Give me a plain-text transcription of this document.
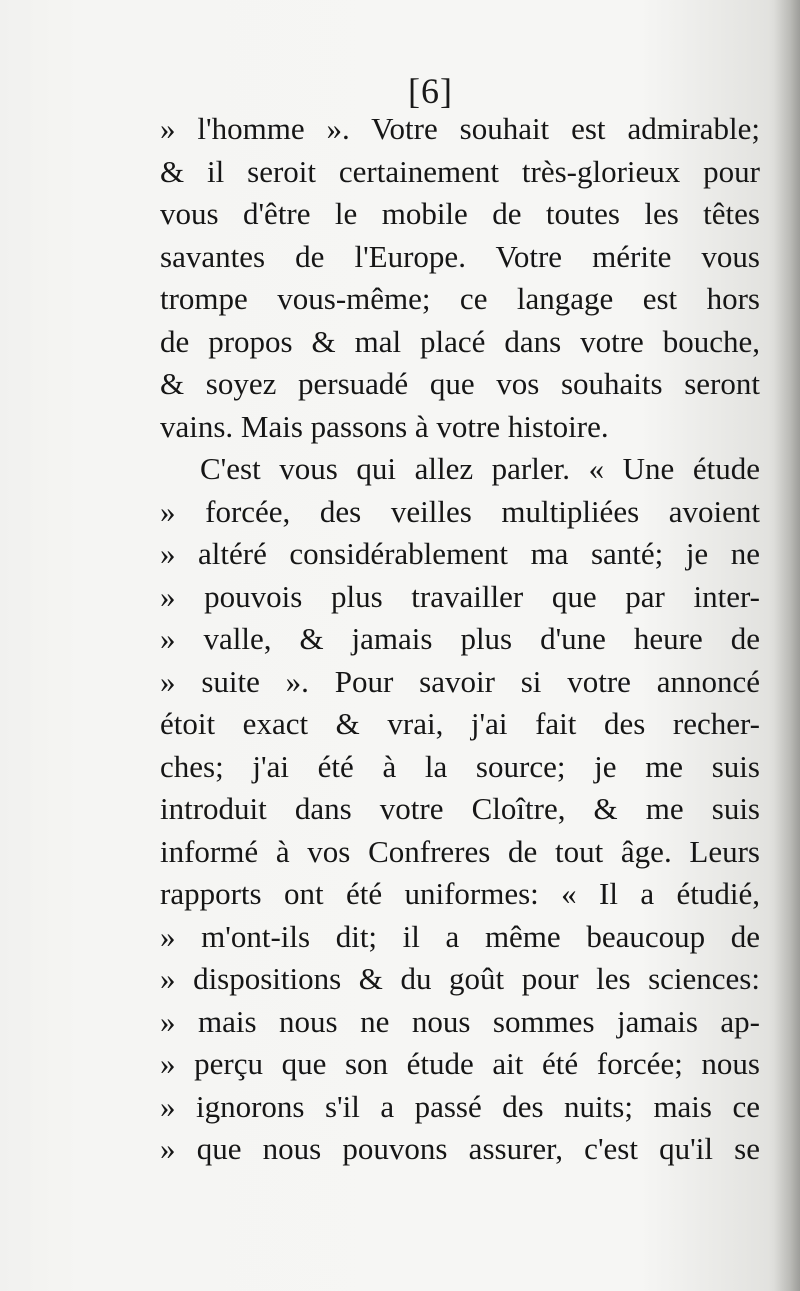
[6]
» l'homme ». Votre souhait est admirable;
& il seroit certainement très-glorieux pour
vous d'être le mobile de toutes les têtes
savantes de l'Europe. Votre mérite vous
trompe vous-même; ce langage est hors
de propos & mal placé dans votre bouche,
& soyez persuadé que vos souhaits seront
vains. Mais passons à votre histoire.
C'est vous qui allez parler. « Une étude
» forcée, des veilles multipliées avoient
» altéré considérablement ma santé; je ne
» pouvois plus travailler que par inter-
» valle, & jamais plus d'une heure de
» suite ». Pour savoir si votre annoncé
étoit exact & vrai, j'ai fait des recher-
ches; j'ai été à la source; je me suis
introduit dans votre Cloître, & me suis
informé à vos Confreres de tout âge. Leurs
rapports ont été uniformes: « Il a étudié,
» m'ont-ils dit; il a même beaucoup de
» dispositions & du goût pour les sciences:
» mais nous ne nous sommes jamais ap-
» perçu que son étude ait été forcée; nous
» ignorons s'il a passé des nuits; mais ce
» que nous pouvons assurer, c'est qu'il se
